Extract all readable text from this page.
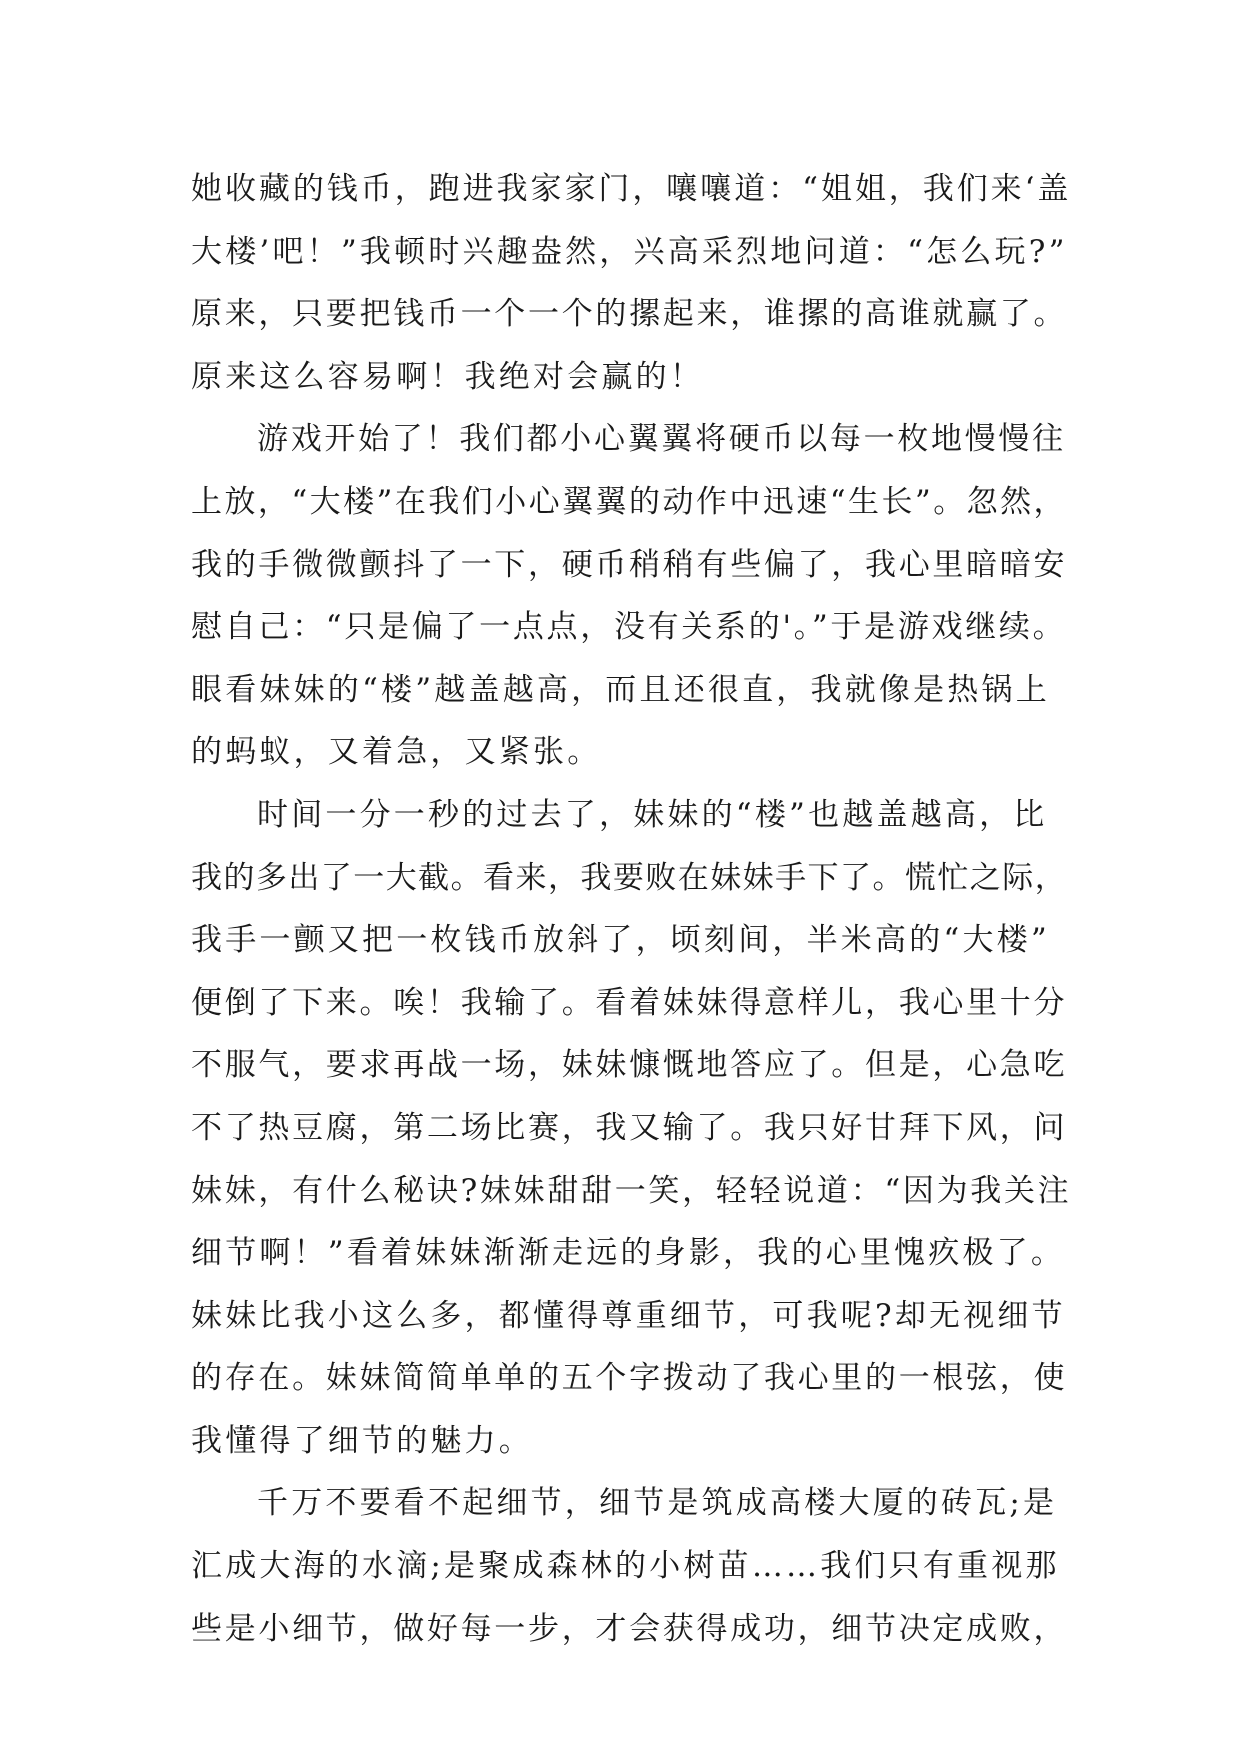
她收藏的钱币，跑进我家家门，嚷嚷道：“姐姐，我们来‘盖
大楼’吧！”我顿时兴趣盎然，兴高采烈地问道：“怎么玩?”
原来，只要把钱币一个一个的摞起来，谁摞的高谁就赢了。
原来这么容易啊！我绝对会赢的！
游戏开始了！我们都小心翼翼将硬币以每一枚地慢慢往
上放，“大楼”在我们小心翼翼的动作中迅速“生长”。忽然，
我的手微微颤抖了一下，硬币稍稍有些偏了，我心里暗暗安
慰自己：“只是偏了一点点，没有关系的'。”于是游戏继续。
眼看妹妹的“楼”越盖越高，而且还很直，我就像是热锅上
的蚂蚁，又着急，又紧张。
时间一分一秒的过去了，妹妹的“楼”也越盖越高，比
我的多出了一大截。看来，我要败在妹妹手下了。慌忙之际，
我手一颤又把一枚钱币放斜了，顷刻间，半米高的“大楼”
便倒了下来。唉！我输了。看着妹妹得意样儿，我心里十分
不服气，要求再战一场，妹妹慷慨地答应了。但是，心急吃
不了热豆腐，第二场比赛，我又输了。我只好甘拜下风，问
妹妹，有什么秘诀?妹妹甜甜一笑，轻轻说道：“因为我关注
细节啊！”看着妹妹渐渐走远的身影，我的心里愧疚极了。
妹妹比我小这么多，都懂得尊重细节，可我呢?却无视细节
的存在。妹妹简简单单的五个字拨动了我心里的一根弦，使
我懂得了细节的魅力。
千万不要看不起细节，细节是筑成高楼大厦的砖瓦;是
汇成大海的水滴;是聚成森林的小树苗……我们只有重视那
些是小细节，做好每一步，才会获得成功，细节决定成败，
